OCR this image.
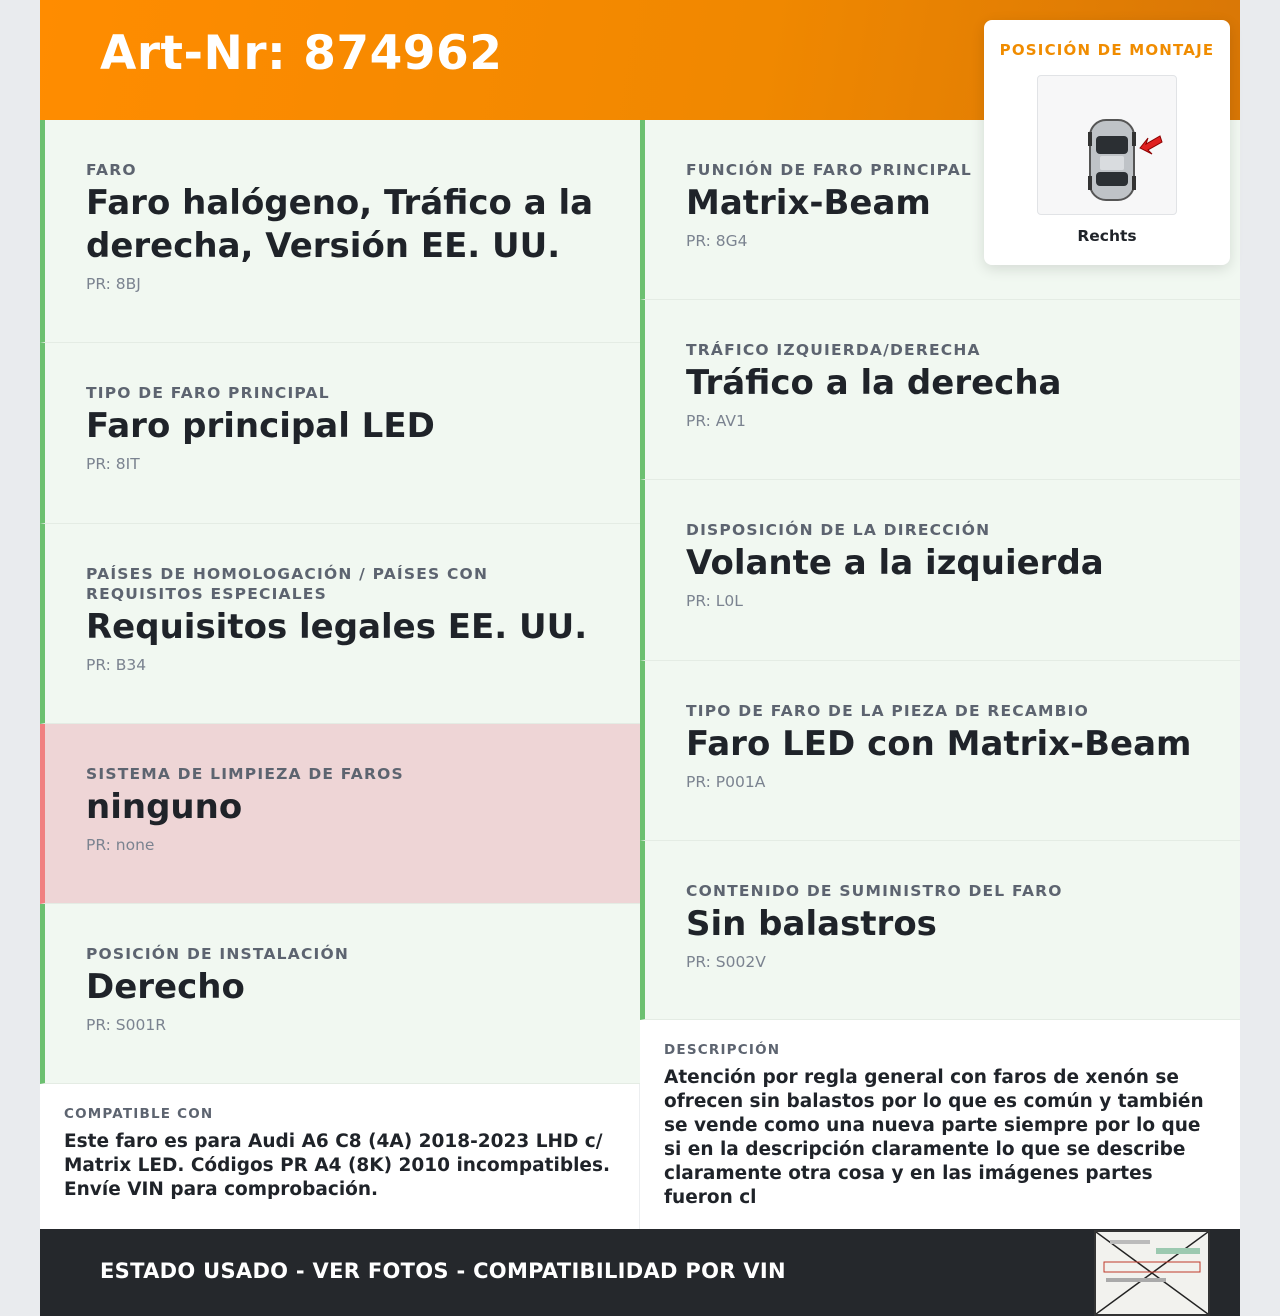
Art-Nr: 874962
FARO
Faro halógeno, Tráfico a la derecha, Versión EE. UU.
PR: 8BJ
TIPO DE FARO PRINCIPAL
Faro principal LED
PR: 8IT
PAÍSES DE HOMOLOGACIÓN / PAÍSES CON REQUISITOS ESPECIALES
Requisitos legales EE. UU.
PR: B34
SISTEMA DE LIMPIEZA DE FAROS
ninguno
PR: none
POSICIÓN DE INSTALACIÓN
Derecho
PR: S001R
FUNCIÓN DE FARO PRINCIPAL
Matrix-Beam
PR: 8G4
TRÁFICO IZQUIERDA/DERECHA
Tráfico a la derecha
PR: AV1
DISPOSICIÓN DE LA DIRECCIÓN
Volante a la izquierda
PR: L0L
TIPO DE FARO DE LA PIEZA DE RECAMBIO
Faro LED con Matrix-Beam
PR: P001A
CONTENIDO DE SUMINISTRO DEL FARO
Sin balastros
PR: S002V
COMPATIBLE CON
Este faro es para Audi A6 C8 (4A) 2018-2023 LHD c/ Matrix LED. Códigos PR A4 (8K) 2010 incompatibles. Envíe VIN para comprobación.
DESCRIPCIÓN
Atención por regla general con faros de xenón se ofrecen sin balastos por lo que es común y también se vende como una nueva parte siempre por lo que si en la descripción claramente lo que se describe claramente otra cosa y en las imágenes partes fueron cl
ESTADO USADO - VER FOTOS - COMPATIBILIDAD POR VIN
POSICIÓN DE MONTAJE
Rechts
